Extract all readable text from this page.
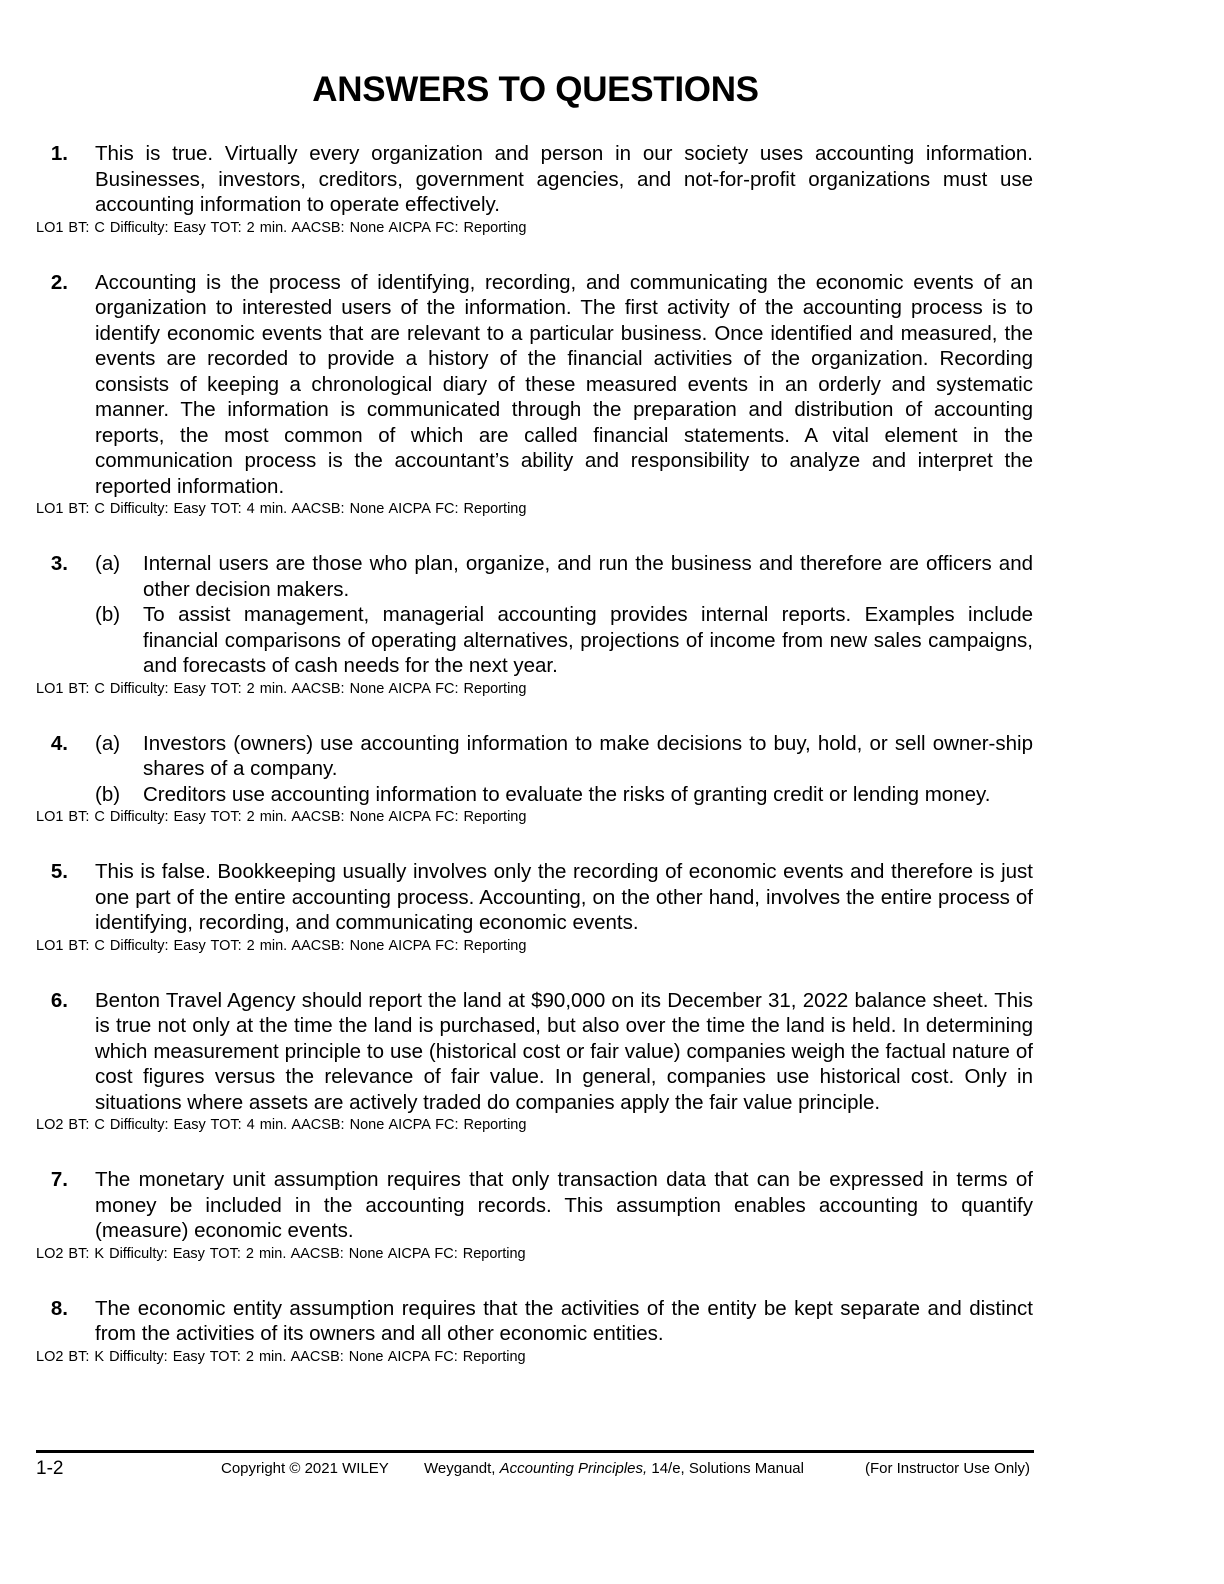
ANSWERS TO QUESTIONS
1. This is true. Virtually every organization and person in our society uses accounting information. Businesses, investors, creditors, government agencies, and not-for-profit organizations must use accounting information to operate effectively.

LO1 BT: C Difficulty: Easy TOT: 2 min. AACSB: None AICPA FC: Reporting
2. Accounting is the process of identifying, recording, and communicating the economic events of an organization to interested users of the information. The first activity of the accounting process is to identify economic events that are relevant to a particular business. Once identified and measured, the events are recorded to provide a history of the financial activities of the organization. Recording consists of keeping a chronological diary of these measured events in an orderly and systematic manner. The information is communicated through the preparation and distribution of accounting reports, the most common of which are called financial statements. A vital element in the communication process is the accountant’s ability and responsibility to analyze and interpret the reported information.

LO1 BT: C Difficulty: Easy TOT: 4 min. AACSB: None AICPA FC: Reporting
3. (a)	Internal users are those who plan, organize, and run the business and therefore are officers and other decision makers.
(b)	To assist management, managerial accounting provides internal reports. Examples include financial comparisons of operating alternatives, projections of income from new sales campaigns, and forecasts of cash needs for the next year.
LO1 BT: C Difficulty: Easy TOT: 2 min. AACSB: None AICPA FC: Reporting
4. (a)	Investors (owners) use accounting information to make decisions to buy, hold, or sell owner-ship shares of a company.
(b)	Creditors use accounting information to evaluate the risks of granting credit or lending money.
LO1 BT: C Difficulty: Easy TOT: 2 min. AACSB: None AICPA FC: Reporting
5. This is false. Bookkeeping usually involves only the recording of economic events and therefore is just one part of the entire accounting process. Accounting, on the other hand, involves the entire process of identifying, recording, and communicating economic events.

LO1 BT: C Difficulty: Easy TOT: 2 min. AACSB: None AICPA FC: Reporting
6. Benton Travel Agency should report the land at $90,000 on its December 31, 2022 balance sheet. This is true not only at the time the land is purchased, but also over the time the land is held. In determining which measurement principle to use (historical cost or fair value) companies weigh the factual nature of cost figures versus the relevance of fair value. In general, companies use historical cost. Only in situations where assets are actively traded do companies apply the fair value principle.

LO2 BT: C Difficulty: Easy TOT: 4 min. AACSB: None AICPA FC: Reporting
7. The monetary unit assumption requires that only transaction data that can be expressed in terms of money be included in the accounting records. This assumption enables accounting to quantify (measure) economic events.

LO2 BT: K Difficulty: Easy TOT: 2 min. AACSB: None AICPA FC: Reporting
8. The economic entity assumption requires that the activities of the entity be kept separate and distinct from the activities of its owners and all other economic entities.

LO2 BT: K Difficulty: Easy TOT: 2 min. AACSB: None AICPA FC: Reporting
1-2	Copyright © 2021 WILEY Weygandt, Accounting Principles, 14/e, Solutions Manual	(For Instructor Use Only)
